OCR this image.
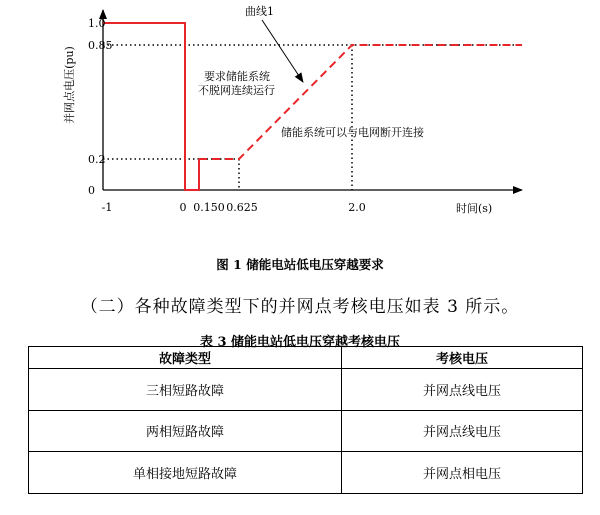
0
0.2
0.85
1.0
-1	0 0.150 0.625	2.0
并网点电压(pu)
时间(s)
曲线1
要求储能系统
不脱网连续运行
储能系统可以与电网断开连接
图 1 储能电站低电压穿越要求
（二）各种故障类型下的并网点考核电压如表 3 所示。
表 3 储能电站低电压穿越考核电压
故障类型	考核电压
三相短路故障	并网点线电压
两相短路故障	并网点线电压
单相接地短路故障	并网点相电压
